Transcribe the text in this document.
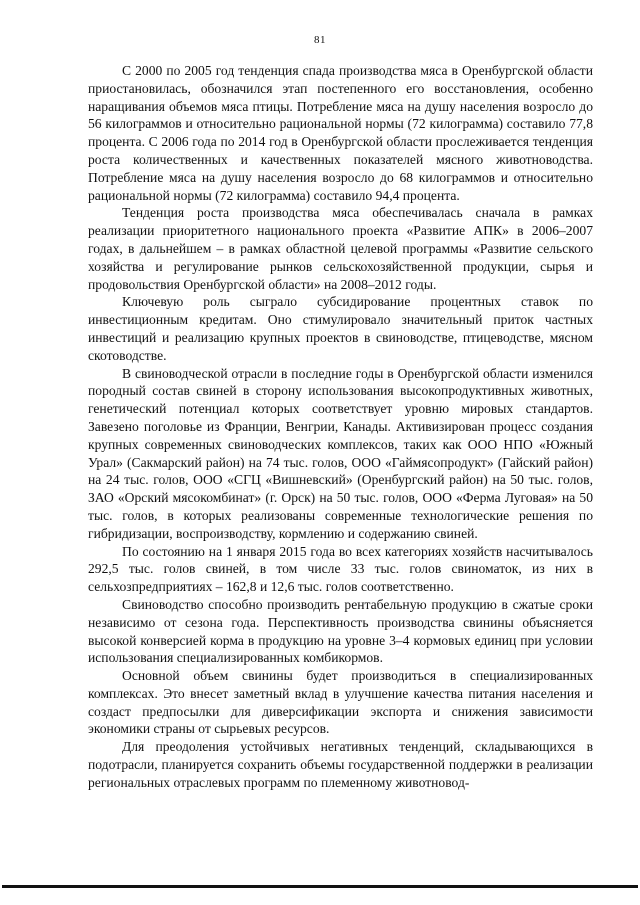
81

С 2000 по 2005 год тенденция спада производства мяса в Оренбургской области приостановилась, обозначился этап постепенного его восстановления, особенно наращивания объемов мяса птицы. Потребление мяса на душу населения возросло до 56 килограммов и относительно рациональной нормы (72 килограмма) составило 77,8 процента. С 2006 года по 2014 год в Оренбургской области прослеживается тенденция роста количественных и качественных показателей мясного животноводства. Потребление мяса на душу населения возросло до 68 килограммов и относительно рациональной нормы (72 килограмма) составило 94,4 процента.

Тенденция роста производства мяса обеспечивалась сначала в рамках реализации приоритетного национального проекта «Развитие АПК» в 2006–2007 годах, в дальнейшем – в рамках областной целевой программы «Развитие сельского хозяйства и регулирование рынков сельскохозяйственной продукции, сырья и продовольствия Оренбургской области» на 2008–2012 годы.

Ключевую роль сыграло субсидирование процентных ставок по инвестиционным кредитам. Оно стимулировало значительный приток частных инвестиций и реализацию крупных проектов в свиноводстве, птицеводстве, мясном скотоводстве.

В свиноводческой отрасли в последние годы в Оренбургской области изменился породный состав свиней в сторону использования высокопродуктивных животных, генетический потенциал которых соответствует уровню мировых стандартов. Завезено поголовье из Франции, Венгрии, Канады. Активизирован процесс создания крупных современных свиноводческих комплексов, таких как ООО НПО «Южный Урал» (Сакмарский район) на 74 тыс. голов, ООО «Гаймясопродукт» (Гайский район) на 24 тыс. голов, ООО «СГЦ «Вишневский» (Оренбургский район) на 50 тыс. голов, ЗАО «Орский мясокомбинат» (г. Орск) на 50 тыс. голов, ООО «Ферма Луговая» на 50 тыс. голов, в которых реализованы современные технологические решения по гибридизации, воспроизводству, кормлению и содержанию свиней.

По состоянию на 1 января 2015 года во всех категориях хозяйств насчитывалось 292,5 тыс. голов свиней, в том числе 33 тыс. голов свиноматок, из них в сельхозпредприятиях – 162,8 и 12,6 тыс. голов соответственно.

Свиноводство способно производить рентабельную продукцию в сжатые сроки независимо от сезона года. Перспективность производства свинины объясняется высокой конверсией корма в продукцию на уровне 3–4 кормовых единиц при условии использования специализированных комбикормов.

Основной объем свинины будет производиться в специализированных комплексах. Это внесет заметный вклад в улучшение качества питания населения и создаст предпосылки для диверсификации экспорта и снижения зависимости экономики страны от сырьевых ресурсов.

Для преодоления устойчивых негативных тенденций, складывающихся в подотрасли, планируется сохранить объемы государственной поддержки в реализации региональных отраслевых программ по племенному животновод-
